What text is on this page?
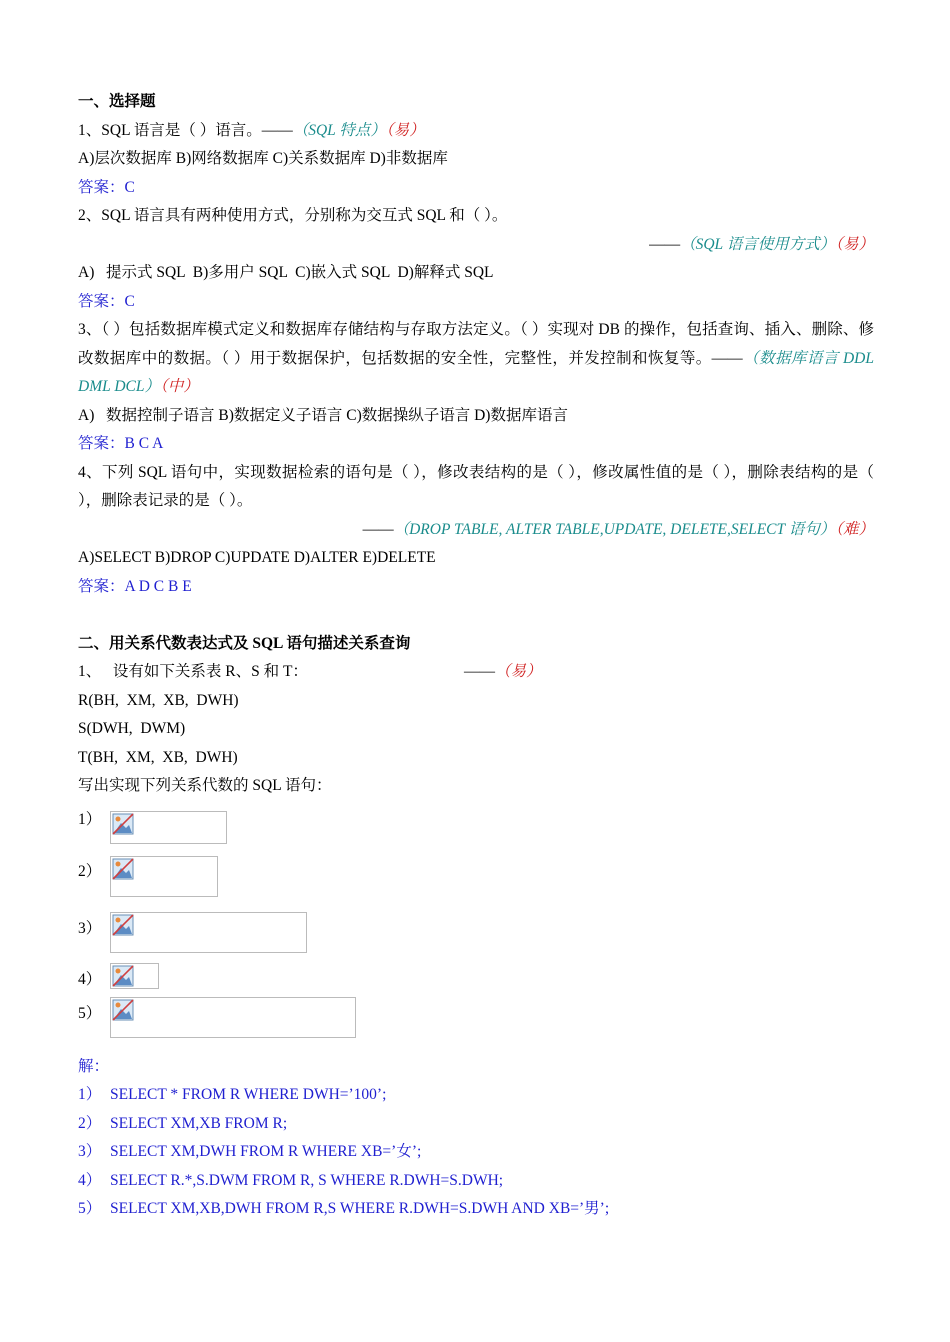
一、选择题
1、SQL 语言是（ ）语言。——（SQL 特点）（易）
A)层次数据库 B)网络数据库 C)关系数据库 D)非数据库
答案：C
2、SQL 语言具有两种使用方式，分别称为交互式 SQL 和（ ）。
——（SQL 语言使用方式）（易）
A)   提示式 SQL  B)多用户 SQL  C)嵌入式 SQL  D)解释式 SQL
答案：C
3、（ ）包括数据库模式定义和数据库存储结构与存取方法定义。（ ）实现对 DB 的操作，包括查询、插入、删除、修改数据库中的数据。（ ）用于数据保护，包括数据的安全性，完整性，并发控制和恢复等。——（数据库语言 DDL DML DCL）（中）
A)   数据控制子语言 B)数据定义子语言 C)数据操纵子语言 D)数据库语言
答案：B C A
4、下列 SQL 语句中，实现数据检索的语句是（ ），修改表结构的是（ ），修改属性值的是（ ），删除表结构的是（ ），删除表记录的是（ ）。
——（DROP TABLE, ALTER TABLE,UPDATE, DELETE,SELECT 语句）（难）
A)SELECT B)DROP C)UPDATE D)ALTER E)DELETE
答案：A D C B E
二、用关系代数表达式及 SQL 语句描述关系查询
1、   设有如下关系表 R、S 和 T：	——（易）
R(BH,  XM,  XB,  DWH)
S(DWH,  DWM)
T(BH,  XM,  XB,  DWH)
写出实现下列关系代数的 SQL 语句：
1）
2）
3）
4）
5）
解：
1） SELECT * FROM R WHERE DWH=’100’;
2） SELECT XM,XB FROM R;
3） SELECT XM,DWH FROM R WHERE XB=’女’;
4） SELECT R.*,S.DWM FROM R, S WHERE R.DWH=S.DWH;
5） SELECT XM,XB,DWH FROM R,S WHERE R.DWH=S.DWH AND XB=’男’;
